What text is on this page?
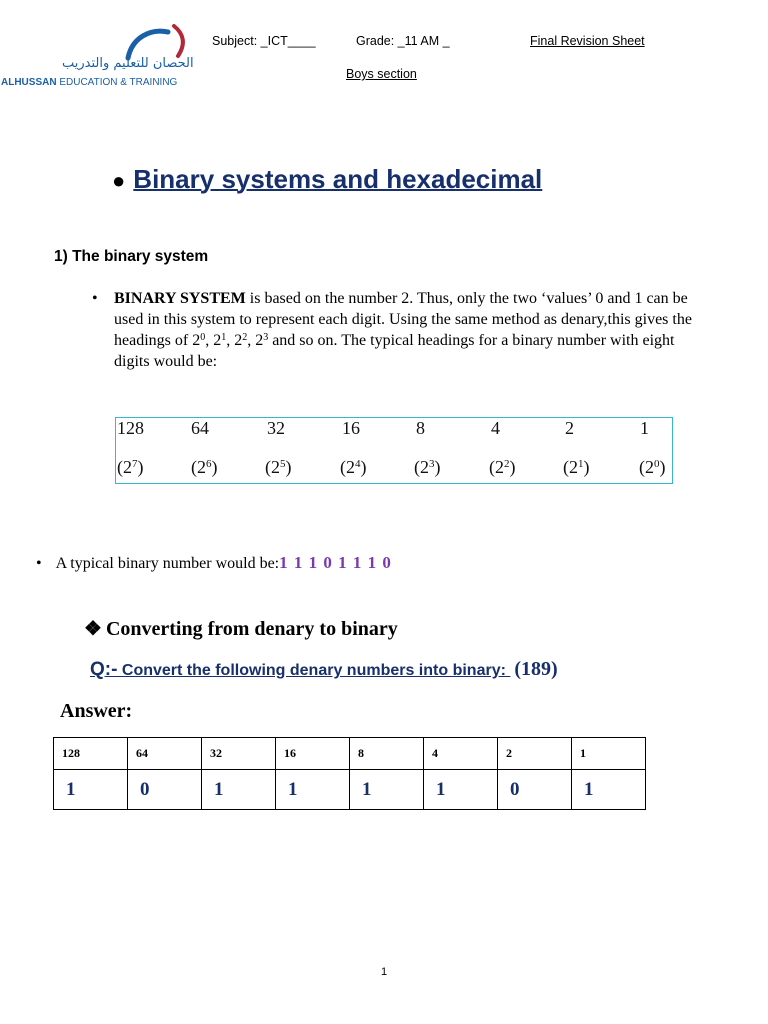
الحصان للتعليم والتدريب
ALHUSSAN EDUCATION & TRAINING
Subject: _ICT____	Grade: _11 AM _	Final Revision Sheet
Boys section
● Binary systems and hexadecimal
1) The binary system
• BINARY SYSTEM is based on the number 2. Thus, only the two ‘values’ 0 and 1 can be used in this system to represent each digit. Using the same method as denary,this gives the headings of $2^0$, $2^1$, $2^2$, $2^3$ and so on. The typical headings for a binary number with eight digits would be:
128	64	32	16	8	4	2	1
$(2^7)$	$(2^6)$	$(2^5)$	$(2^4)$	$(2^3)$	$(2^2)$	$(2^1)$	$(2^0)$
• A typical binary number would be:1 1 1 0 1 1 1 0
❖ Converting from denary to binary
Q:- Convert the following denary numbers into binary: (189)
Answer:
128	64	32	16	8	4	2	1
1	0	1	1	1	1	0	1
1
